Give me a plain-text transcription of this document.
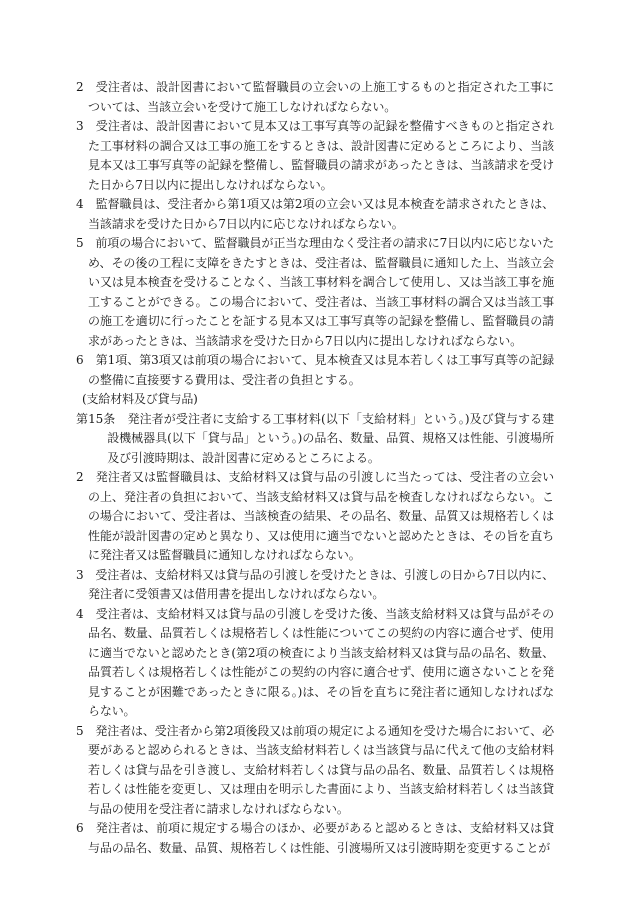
2　受注者は、設計図書において監督職員の立会いの上施工するものと指定された工事については、当該立会いを受けて施工しなければならない。

3　受注者は、設計図書において見本又は工事写真等の記録を整備すべきものと指定された工事材料の調合又は工事の施工をするときは、設計図書に定めるところにより、当該見本又は工事写真等の記録を整備し、監督職員の請求があったときは、当該請求を受けた日から7日以内に提出しなければならない。

4　監督職員は、受注者から第1項又は第2項の立会い又は見本検査を請求されたときは、当該請求を受けた日から7日以内に応じなければならない。

5　前項の場合において、監督職員が正当な理由なく受注者の請求に7日以内に応じないため、その後の工程に支障をきたすときは、受注者は、監督職員に通知した上、当該立会い又は見本検査を受けることなく、当該工事材料を調合して使用し、又は当該工事を施工することができる。この場合において、受注者は、当該工事材料の調合又は当該工事の施工を適切に行ったことを証する見本又は工事写真等の記録を整備し、監督職員の請求があったときは、当該請求を受けた日から7日以内に提出しなければならない。

6　第1項、第3項又は前項の場合において、見本検査又は見本若しくは工事写真等の記録の整備に直接要する費用は、受注者の負担とする。

(支給材料及び貸与品)

第15条　発注者が受注者に支給する工事材料(以下「支給材料」という。)及び貸与する建設機械器具(以下「貸与品」という。)の品名、数量、品質、規格又は性能、引渡場所及び引渡時期は、設計図書に定めるところによる。

2　発注者又は監督職員は、支給材料又は貸与品の引渡しに当たっては、受注者の立会いの上、発注者の負担において、当該支給材料又は貸与品を検査しなければならない。この場合において、受注者は、当該検査の結果、その品名、数量、品質又は規格若しくは性能が設計図書の定めと異なり、又は使用に適当でないと認めたときは、その旨を直ちに発注者又は監督職員に通知しなければならない。

3　受注者は、支給材料又は貸与品の引渡しを受けたときは、引渡しの日から7日以内に、発注者に受領書又は借用書を提出しなければならない。

4　受注者は、支給材料又は貸与品の引渡しを受けた後、当該支給材料又は貸与品がその品名、数量、品質若しくは規格若しくは性能についてこの契約の内容に適合せず、使用に適当でないと認めたとき(第2項の検査により当該支給材料又は貸与品の品名、数量、品質若しくは規格若しくは性能がこの契約の内容に適合せず、使用に適さないことを発見することが困難であったときに限る。)は、その旨を直ちに発注者に通知しなければならない。

5　発注者は、受注者から第2項後段又は前項の規定による通知を受けた場合において、必要があると認められるときは、当該支給材料若しくは当該貸与品に代えて他の支給材料若しくは貸与品を引き渡し、支給材料若しくは貸与品の品名、数量、品質若しくは規格若しくは性能を変更し、又は理由を明示した書面により、当該支給材料若しくは当該貸与品の使用を受注者に請求しなければならない。

6　発注者は、前項に規定する場合のほか、必要があると認めるときは、支給材料又は貸与品の品名、数量、品質、規格若しくは性能、引渡場所又は引渡時期を変更することが
